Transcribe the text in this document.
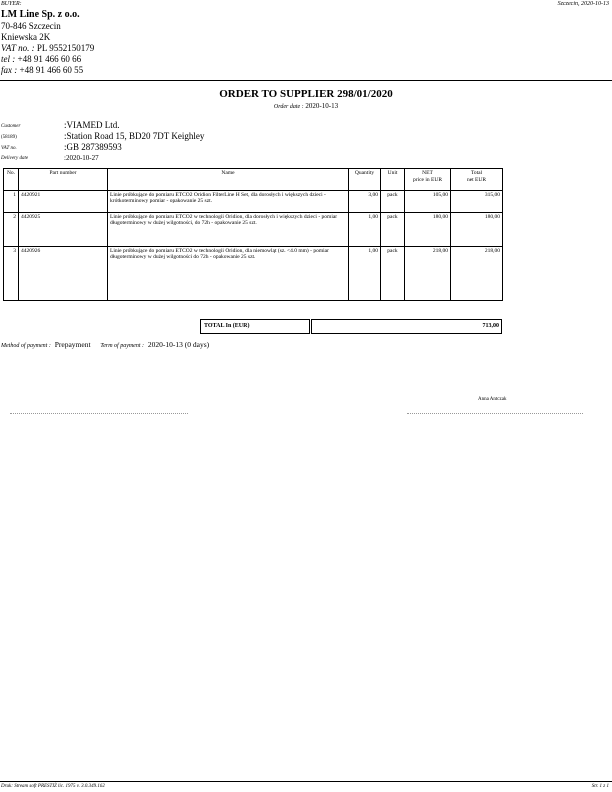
BUYER:	Szczecin, 2020-10-13
LM Line Sp. z o.o.
70-846 Szczecin
Kniewska 2K
VAT no. : PL 9552150179
tel : +48 91 466 60 66
fax : +48 91 466 60 55
ORDER TO SUPPLIER 298/01/2020
Order date : 2020-10-13
Customer	:VIAMED Ltd.
(58189)	:Station Road 15, BD20 7DT Keighley
VAT no.	:GB 287389593
Delivery date	:2020-10-27
No.	Part number	Name	Quantity	Unit	NET
price in EUR	Total
net EUR
1	4420921	Linie próbkujące do pomiaru ETCO2 Oridion FilterLine H Set, dla dorosłych i większych dzieci - krótkoterminowy pomiar - opakowanie 25 szt.	3,00	pack	105,00	315,00
2	4420925	Linie próbkujące do pomiaru ETCO2 w technologii Oridion, dla dorosłych i większych dzieci - pomiar długoterminowy w dużej wilgotności, do 72h - opakowanie 25 szt.	1,00	pack	180,00	180,00
3	4420926	Linie próbkujące do pomiaru ETCO2 w technologii Oridion, dla niemowląt (sz. <4.0 mm) - pomiar długoterminowy w dużej wilgotności do 72h - opakowanie 25 szt.	1,00	pack	218,00	218,00
TOTAL In (EUR)	713,00
Method of payment : Prepayment Term of payment : 2020-10-13 (0 days)
Anna Antczak
Druk: Stream soft PRESTIŻ lic. 1975 v. 3.0.349.162	Str. 1 z 1
